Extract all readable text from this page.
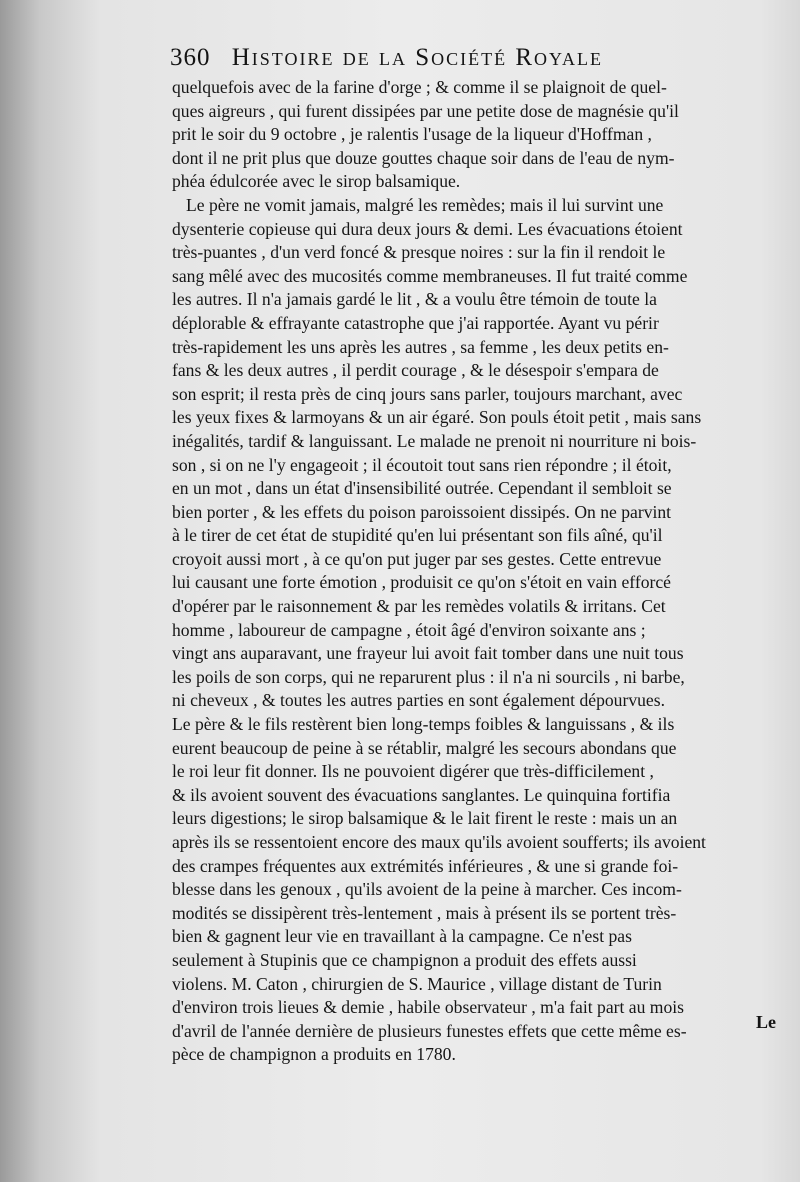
360 Histoire de la Société Royale
quelquefois avec de la farine d'orge ; & comme il se plaignoit de quel-
ques aigreurs , qui furent dissipées par une petite dose de magnésie qu'il
prit le soir du 9 octobre , je ralentis l'usage de la liqueur d'Hoffman ,
dont il ne prit plus que douze gouttes chaque soir dans de l'eau de nym-
phéa édulcorée avec le sirop balsamique.
Le père ne vomit jamais, malgré les remèdes; mais il lui survint une
dysenterie copieuse qui dura deux jours & demi. Les évacuations étoient
très-puantes , d'un verd foncé & presque noires : sur la fin il rendoit le
sang mêlé avec des mucosités comme membraneuses. Il fut traité comme
les autres. Il n'a jamais gardé le lit , & a voulu être témoin de toute la
déplorable & effrayante catastrophe que j'ai rapportée. Ayant vu périr
très-rapidement les uns après les autres , sa femme , les deux petits en-
fans & les deux autres , il perdit courage , & le désespoir s'empara de
son esprit; il resta près de cinq jours sans parler, toujours marchant, avec
les yeux fixes & larmoyans & un air égaré. Son pouls étoit petit , mais sans
inégalités, tardif & languissant. Le malade ne prenoit ni nourriture ni bois-
son , si on ne l'y engageoit ; il écoutoit tout sans rien répondre ; il étoit,
en un mot , dans un état d'insensibilité outrée. Cependant il sembloit se
bien porter , & les effets du poison paroissoient dissipés. On ne parvint
à le tirer de cet état de stupidité qu'en lui présentant son fils aîné, qu'il
croyoit aussi mort , à ce qu'on put juger par ses gestes. Cette entrevue
lui causant une forte émotion , produisit ce qu'on s'étoit en vain efforcé
d'opérer par le raisonnement & par les remèdes volatils & irritans. Cet
homme , laboureur de campagne , étoit âgé d'environ soixante ans ;
vingt ans auparavant, une frayeur lui avoit fait tomber dans une nuit tous
les poils de son corps, qui ne reparurent plus : il n'a ni sourcils , ni barbe,
ni cheveux , & toutes les autres parties en sont également dépourvues.
Le père & le fils restèrent bien long-temps foibles & languissans , & ils
eurent beaucoup de peine à se rétablir, malgré les secours abondans que
le roi leur fit donner. Ils ne pouvoient digérer que très-difficilement ,
& ils avoient souvent des évacuations sanglantes. Le quinquina fortifia
leurs digestions; le sirop balsamique & le lait firent le reste : mais un an
après ils se ressentoient encore des maux qu'ils avoient soufferts; ils avoient
des crampes fréquentes aux extrémités inférieures , & une si grande foi-
blesse dans les genoux , qu'ils avoient de la peine à marcher. Ces incom-
modités se dissipèrent très-lentement , mais à présent ils se portent très-
bien & gagnent leur vie en travaillant à la campagne. Ce n'est pas
seulement à Stupinis que ce champignon a produit des effets aussi
violens. M. Caton , chirurgien de S. Maurice , village distant de Turin
d'environ trois lieues & demie , habile observateur , m'a fait part au mois
d'avril de l'année dernière de plusieurs funestes effets que cette même es-
pèce de champignon a produits en 1780.
Le
